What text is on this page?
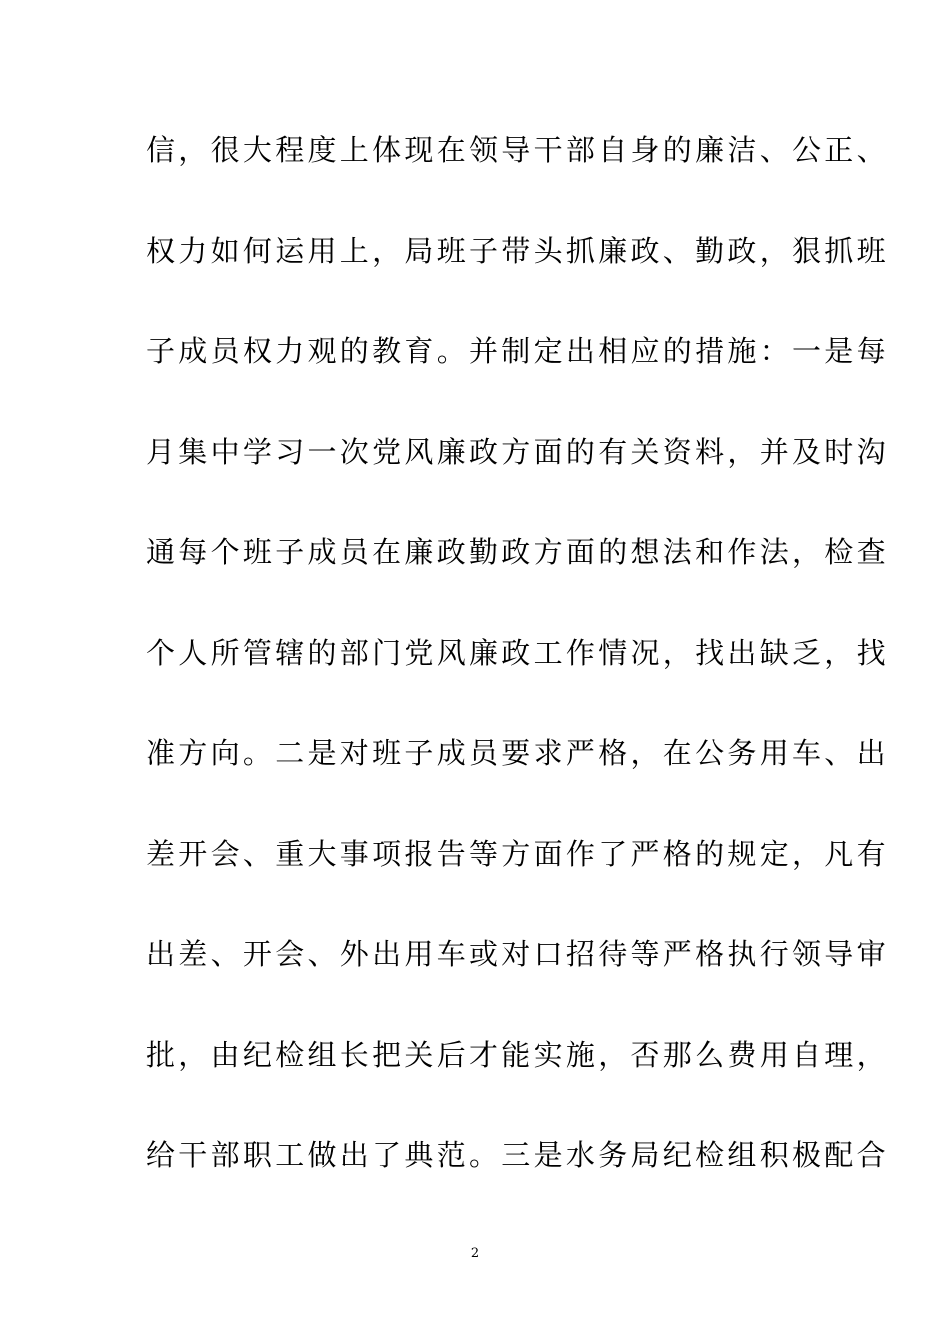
信，很大程度上体现在领导干部自身的廉洁、公正、
权力如何运用上，局班子带头抓廉政、勤政，狠抓班
子成员权力观的教育。并制定出相应的措施：一是每
月集中学习一次党风廉政方面的有关资料，并及时沟
通每个班子成员在廉政勤政方面的想法和作法，检查
个人所管辖的部门党风廉政工作情况，找出缺乏，找
准方向。二是对班子成员要求严格，在公务用车、出
差开会、重大事项报告等方面作了严格的规定，凡有
出差、开会、外出用车或对口招待等严格执行领导审
批，由纪检组长把关后才能实施，否那么费用自理，
给干部职工做出了典范。三是水务局纪检组积极配合
2
